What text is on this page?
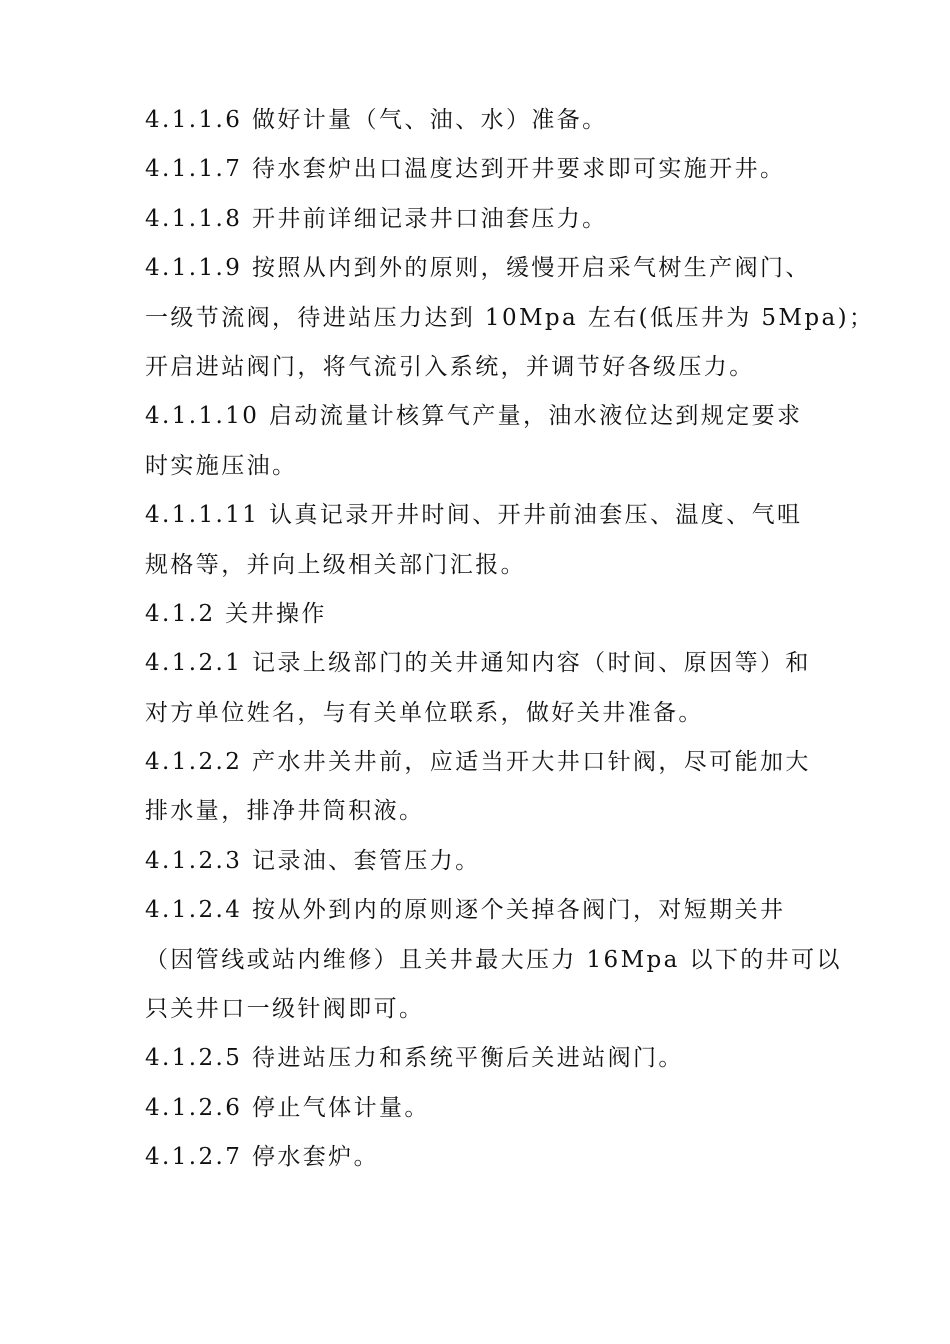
4.1.1.6 做好计量（气、油、水）准备。
4.1.1.7 待水套炉出口温度达到开井要求即可实施开井。
4.1.1.8 开井前详细记录井口油套压力。
4.1.1.9 按照从内到外的原则，缓慢开启采气树生产阀门、
一级节流阀，待进站压力达到 10Mpa 左右(低压井为 5Mpa)；
开启进站阀门，将气流引入系统，并调节好各级压力。
4.1.1.10 启动流量计核算气产量，油水液位达到规定要求
时实施压油。
4.1.1.11 认真记录开井时间、开井前油套压、温度、气咀
规格等，并向上级相关部门汇报。
4.1.2 关井操作
4.1.2.1 记录上级部门的关井通知内容（时间、原因等）和
对方单位姓名，与有关单位联系，做好关井准备。
4.1.2.2 产水井关井前，应适当开大井口针阀，尽可能加大
排水量，排净井筒积液。
4.1.2.3 记录油、套管压力。
4.1.2.4 按从外到内的原则逐个关掉各阀门，对短期关井
（因管线或站内维修）且关井最大压力 16Mpa 以下的井可以
只关井口一级针阀即可。
4.1.2.5 待进站压力和系统平衡后关进站阀门。
4.1.2.6 停止气体计量。
4.1.2.7 停水套炉。
